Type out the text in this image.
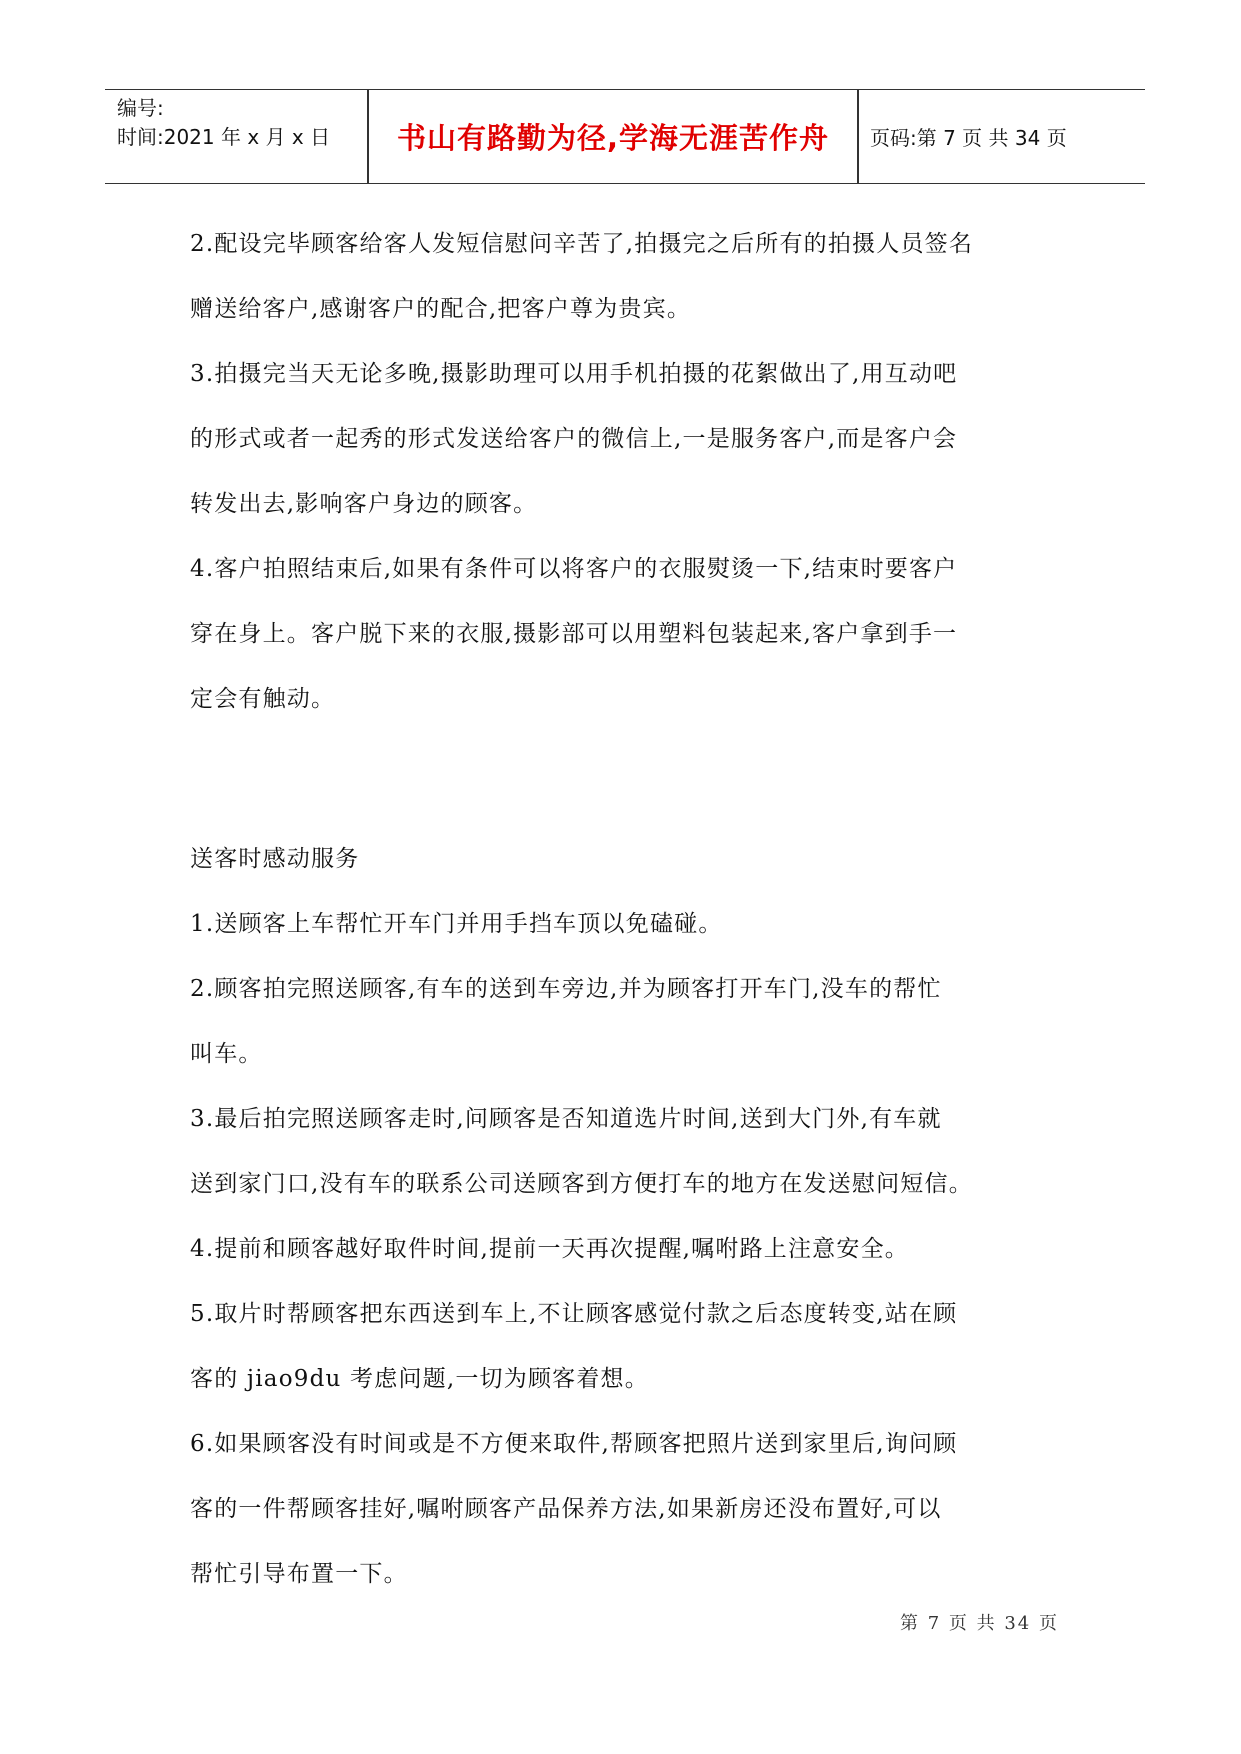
编号:
时间:2021 年 x 月 x 日	书山有路勤为径,学海无涯苦作舟	页码:第 7 页 共 34 页

2.配设完毕顾客给客人发短信慰问辛苦了,拍摄完之后所有的拍摄人员签名

赠送给客户,感谢客户的配合,把客户尊为贵宾。

3.拍摄完当天无论多晚,摄影助理可以用手机拍摄的花絮做出了,用互动吧

的形式或者一起秀的形式发送给客户的微信上,一是服务客户,而是客户会

转发出去,影响客户身边的顾客。

4.客户拍照结束后,如果有条件可以将客户的衣服熨烫一下,结束时要客户

穿在身上。客户脱下来的衣服,摄影部可以用塑料包装起来,客户拿到手一

定会有触动。

送客时感动服务

1.送顾客上车帮忙开车门并用手挡车顶以免磕碰。

2.顾客拍完照送顾客,有车的送到车旁边,并为顾客打开车门,没车的帮忙

叫车。

3.最后拍完照送顾客走时,问顾客是否知道选片时间,送到大门外,有车就

送到家门口,没有车的联系公司送顾客到方便打车的地方在发送慰问短信。

4.提前和顾客越好取件时间,提前一天再次提醒,嘱咐路上注意安全。

5.取片时帮顾客把东西送到车上,不让顾客感觉付款之后态度转变,站在顾

客的 jiao9du 考虑问题,一切为顾客着想。

6.如果顾客没有时间或是不方便来取件,帮顾客把照片送到家里后,询问顾

客的一件帮顾客挂好,嘱咐顾客产品保养方法,如果新房还没布置好,可以

帮忙引导布置一下。

第 7 页 共 34 页
